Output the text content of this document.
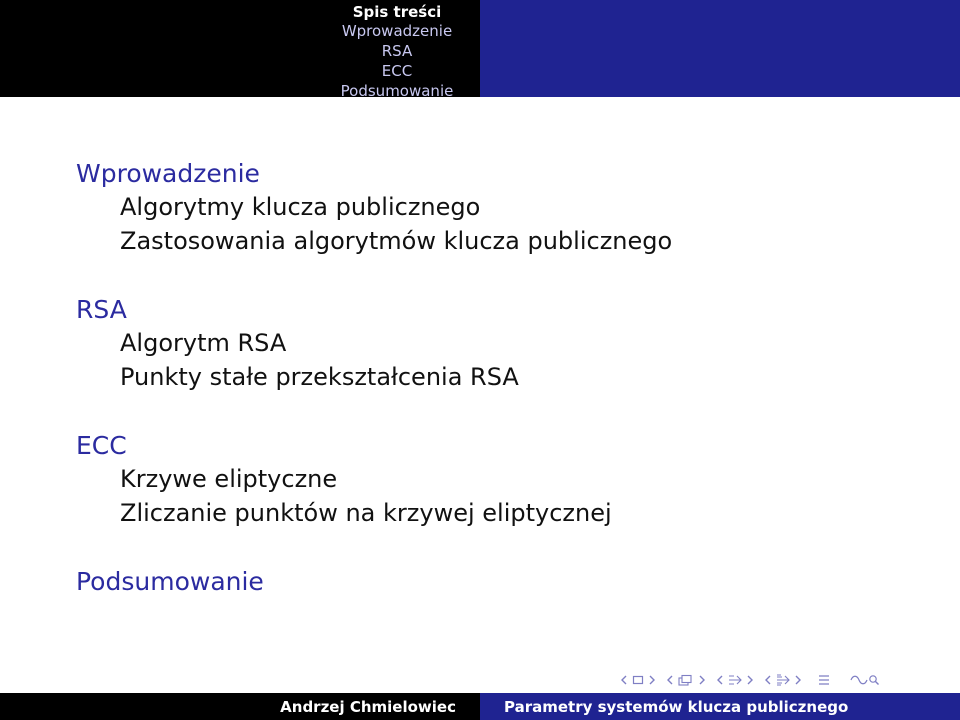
Spis treści
Wprowadzenie
RSA
ECC
Podsumowanie
Wprowadzenie
Algorytmy klucza publicznego
Zastosowania algorytmów klucza publicznego
RSA
Algorytm RSA
Punkty stałe przekształcenia RSA
ECC
Krzywe eliptyczne
Zliczanie punktów na krzywej eliptycznej
Podsumowanie
Andrzej Chmielowiec	Parametry systemów klucza publicznego
